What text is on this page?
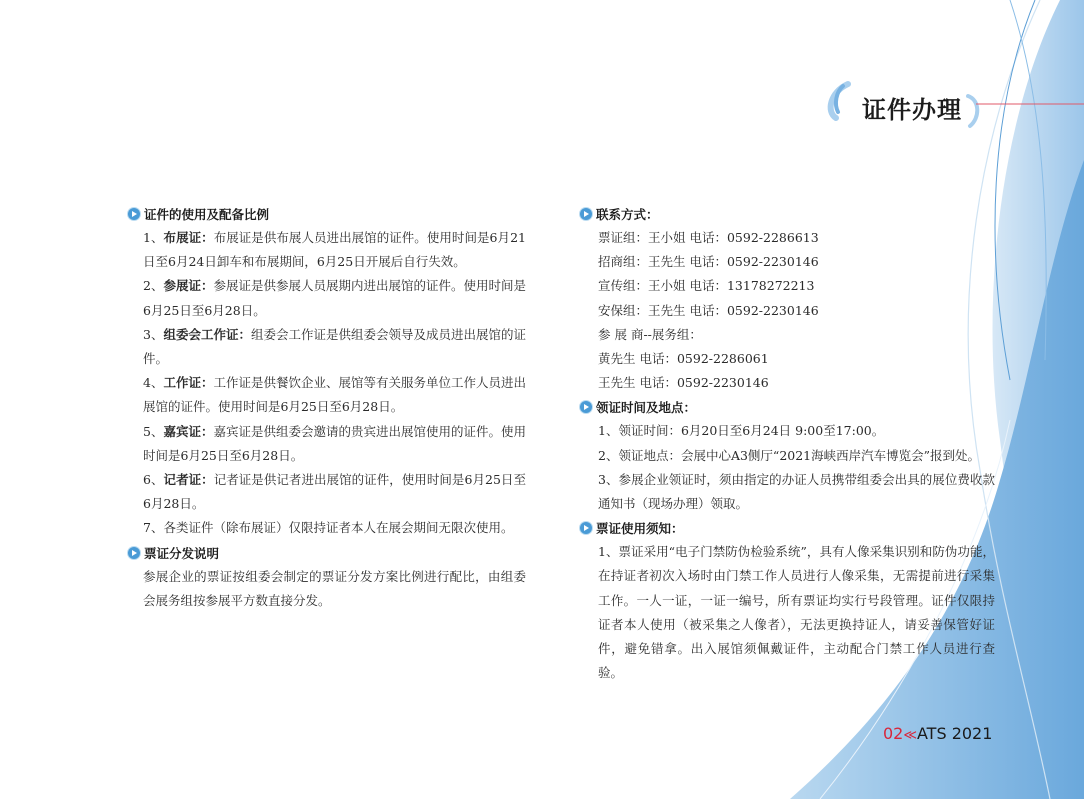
证件办理
证件的使用及配备比例
1、布展证：布展证是供布展人员进出展馆的证件。使用时间是6月21日至6月24日卸车和布展期间，6月25日开展后自行失效。
2、参展证：参展证是供参展人员展期内进出展馆的证件。使用时间是6月25日至6月28日。
3、组委会工作证：组委会工作证是供组委会领导及成员进出展馆的证件。
4、工作证：工作证是供餐饮企业、展馆等有关服务单位工作人员进出展馆的证件。使用时间是6月25日至6月28日。
5、嘉宾证：嘉宾证是供组委会邀请的贵宾进出展馆使用的证件。使用时间是6月25日至6月28日。
6、记者证：记者证是供记者进出展馆的证件，使用时间是6月25日至6月28日。
7、各类证件（除布展证）仅限持证者本人在展会期间无限次使用。
票证分发说明
参展企业的票证按组委会制定的票证分发方案比例进行配比，由组委会展务组按参展平方数直接分发。
联系方式：
票证组：王小姐 电话：0592-2286613
招商组：王先生 电话：0592-2230146
宣传组：王小姐 电话：13178272213
安保组：王先生 电话：0592-2230146
参 展 商--展务组：
黄先生 电话：0592-2286061
王先生 电话：0592-2230146
领证时间及地点：
1、领证时间：6月20日至6月24日 9:00至17:00。
2、领证地点：会展中心A3侧厅“2021海峡西岸汽车博览会”报到处。
3、参展企业领证时，须由指定的办证人员携带组委会出具的展位费收款通知书（现场办理）领取。
票证使用须知：
1、票证采用“电子门禁防伪检验系统”，具有人像采集识别和防伪功能，在持证者初次入场时由门禁工作人员进行人像采集，无需提前进行采集工作。一人一证，一证一编号，所有票证均实行号段管理。证件仅限持证者本人使用（被采集之人像者），无法更换持证人，请妥善保管好证件，避免错拿。出入展馆须佩戴证件，主动配合门禁工作人员进行查验。
02≪ATS 2021
